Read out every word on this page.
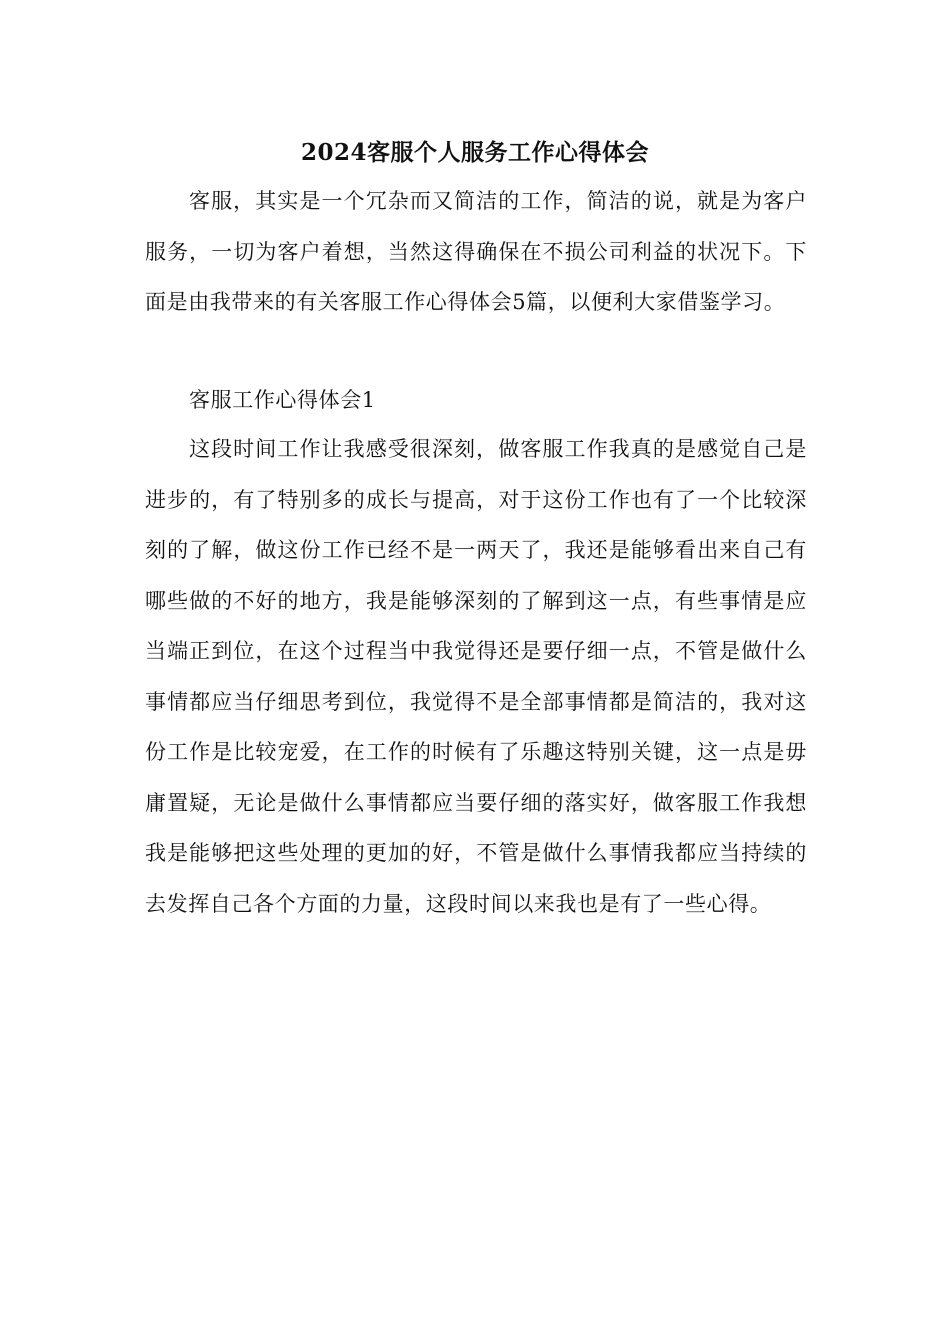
2024客服个人服务工作心得体会

客服，其实是一个冗杂而又简洁的工作，简洁的说，就是为客户服务，一切为客户着想，当然这得确保在不损公司利益的状况下。下面是由我带来的有关客服工作心得体会5篇，以便利大家借鉴学习。

客服工作心得体会1

这段时间工作让我感受很深刻，做客服工作我真的是感觉自己是进步的，有了特别多的成长与提高，对于这份工作也有了一个比较深刻的了解，做这份工作已经不是一两天了，我还是能够看出来自己有哪些做的不好的地方，我是能够深刻的了解到这一点，有些事情是应当端正到位，在这个过程当中我觉得还是要仔细一点，不管是做什么事情都应当仔细思考到位，我觉得不是全部事情都是简洁的，我对这份工作是比较宠爱，在工作的时候有了乐趣这特别关键，这一点是毋庸置疑，无论是做什么事情都应当要仔细的落实好，做客服工作我想我是能够把这些处理的更加的好，不管是做什么事情我都应当持续的去发挥自己各个方面的力量，这段时间以来我也是有了一些心得。
